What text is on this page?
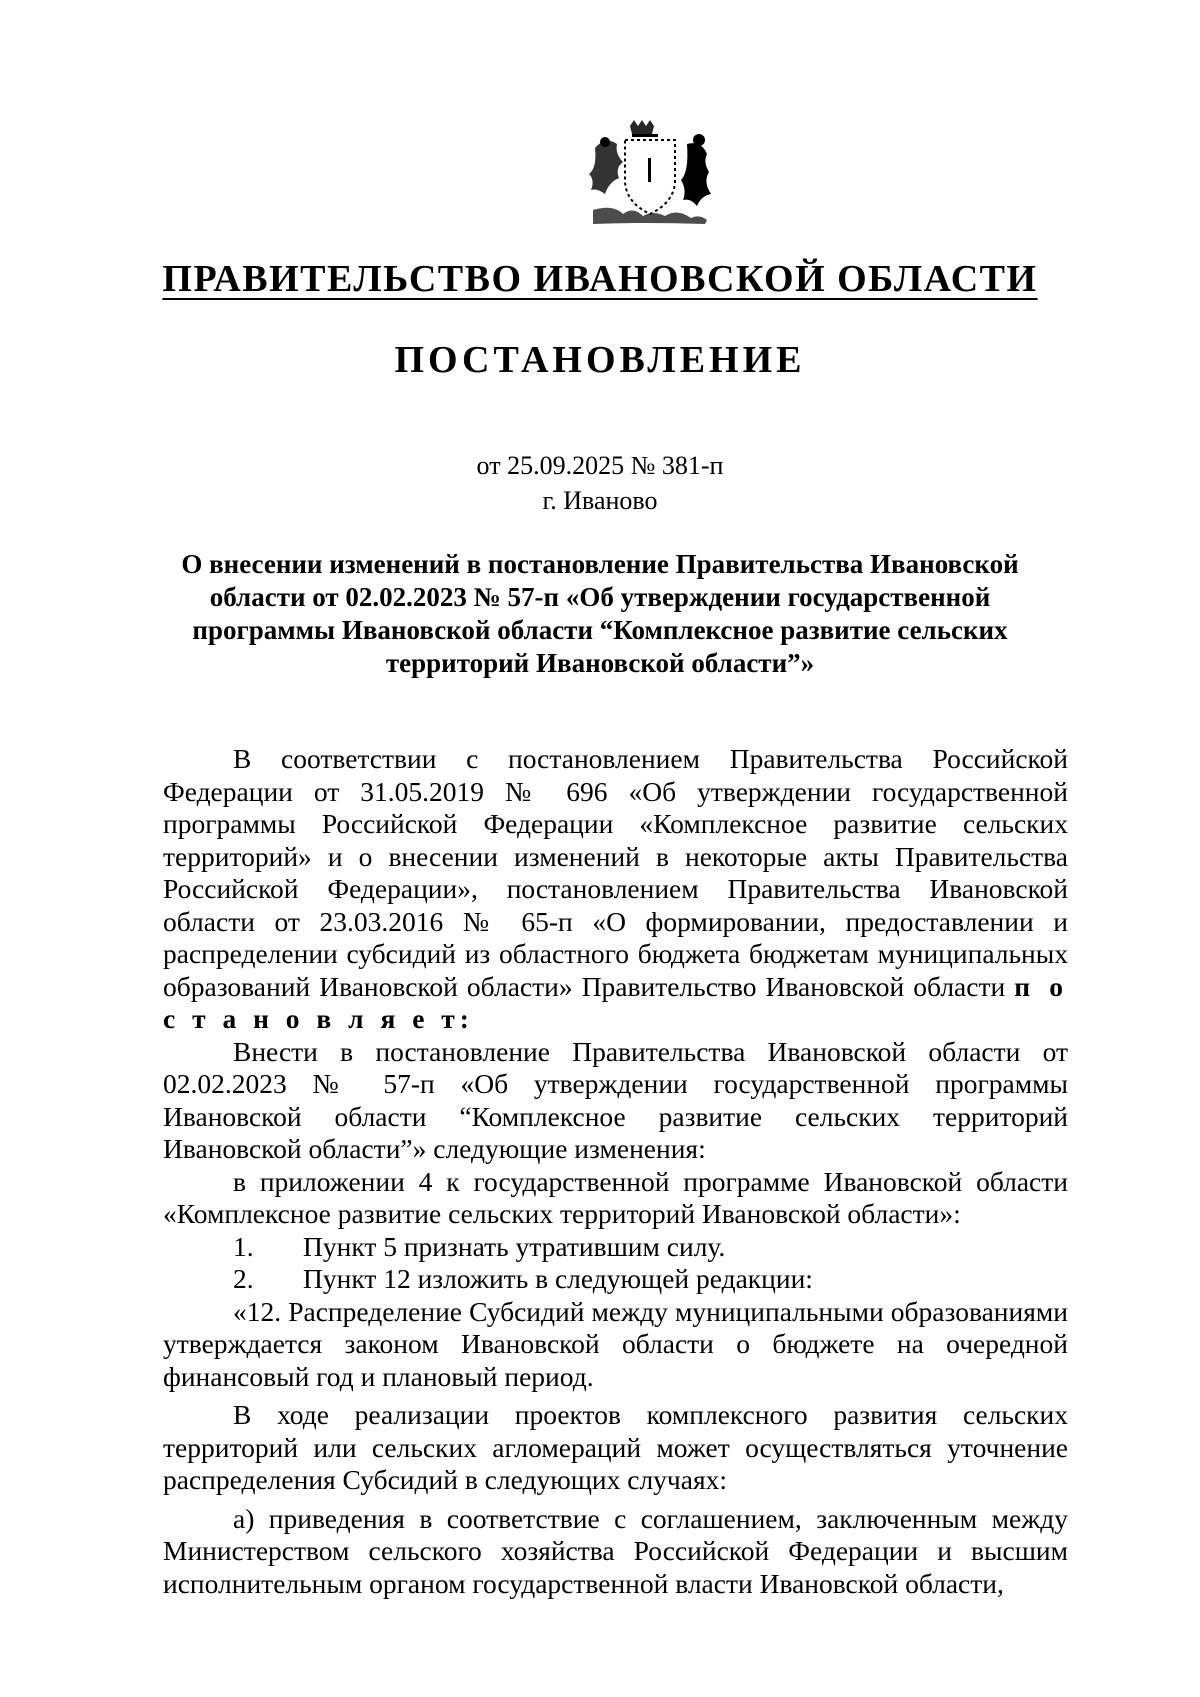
ПРАВИТЕЛЬСТВО ИВАНОВСКОЙ ОБЛАСТИ
ПОСТАНОВЛЕНИЕ
от 25.09.2025 № 381-п
г. Иваново
О внесении изменений в постановление Правительства Ивановской области от 02.02.2023 № 57-п «Об утверждении государственной программы Ивановской области “Комплексное развитие сельских территорий Ивановской области”»

В соответствии с постановлением Правительства Российской Федерации от 31.05.2019 № 696 «Об утверждении государственной программы Российской Федерации «Комплексное развитие сельских территорий» и о внесении изменений в некоторые акты Правительства Российской Федерации», постановлением Правительства Ивановской области от 23.03.2016 № 65-п «О формировании, предоставлении и распределении субсидий из областного бюджета бюджетам муниципальных образований Ивановской области» Правительство Ивановской области п о с т а н о в л я е т:

Внести в постановление Правительства Ивановской области от 02.02.2023 № 57-п «Об утверждении государственной программы Ивановской области “Комплексное развитие сельских территорий Ивановской области”» следующие изменения:

в приложении 4 к государственной программе Ивановской области «Комплексное развитие сельских территорий Ивановской области»:

1.	Пункт 5 признать утратившим силу.

2.	Пункт 12 изложить в следующей редакции:

«12. Распределение Субсидий между муниципальными образованиями утверждается законом Ивановской области о бюджете на очередной финансовый год и плановый период.

В ходе реализации проектов комплексного развития сельских территорий или сельских агломераций может осуществляться уточнение распределения Субсидий в следующих случаях:

а) приведения в соответствие с соглашением, заключенным между Министерством сельского хозяйства Российской Федерации и высшим исполнительным органом государственной власти Ивановской области,
